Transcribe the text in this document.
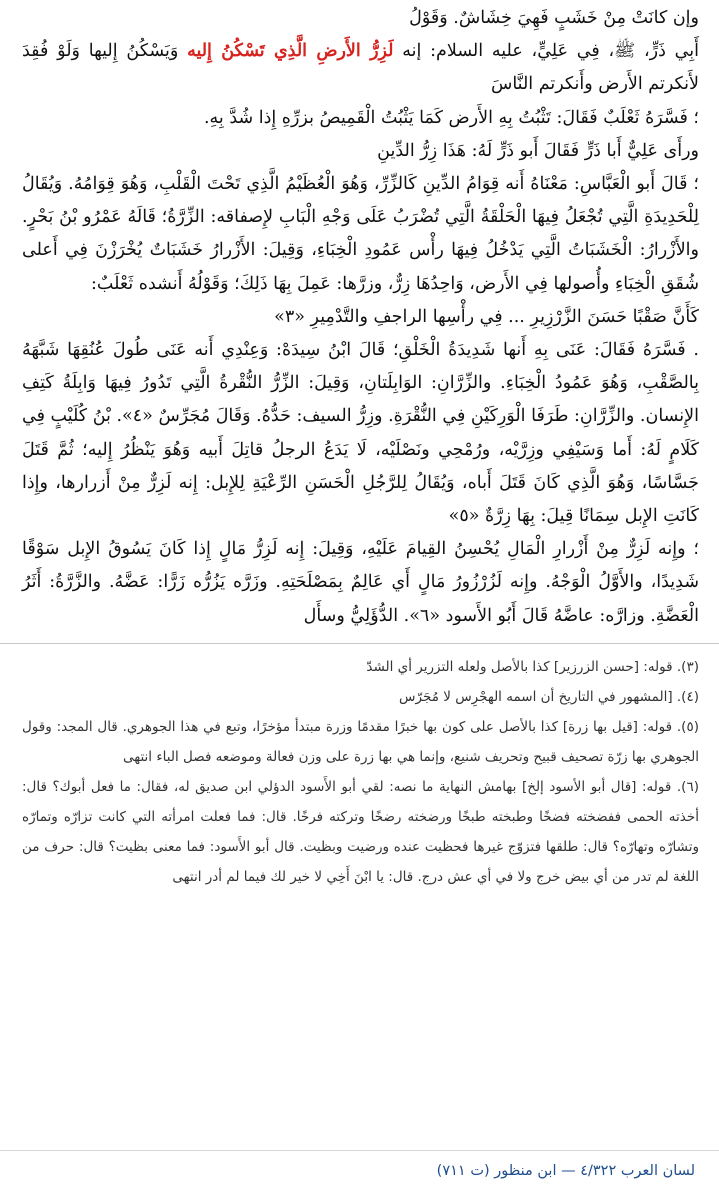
وإن كانَتْ مِنْ خَشَبٍ فَهِيَ خِشَاشٌ. وَقَوْلُ
أَبِي ذَرٍّ، ﷺ، فِي عَلِيٍّ، عليه السلام: إنه لَزِرُّ الأَرضِ الَّذِي تَسْكُنُ إِليه وَيَسْكُنُ إِليها وَلَوْ فُقِدَ لأَنكرتم الأَرض وأَنكرتم النَّاسَ

؛ فَسَّرَهُ ثَعْلَبٌ فَقَالَ: تَثْبُتُ بِهِ الأَرض كَمَا يَثْبُتُ الْقَمِيصُ بزرِّهِ إِذا شُدَّ بِهِ.

ورأَى عَلِيٌّ أَبا ذَرٍّ فَقَالَ أَبو ذَرٍّ لَهُ: هَذَا زِرُّ الدِّينِ

؛ قَالَ أَبو الْعَبَّاسِ: مَعْنَاهُ أَنه قِوَامُ الدِّينِ كَالزِّرِّ، وَهُوَ الْعُظَيْمُ الَّذِي تَحْتَ الْقَلْبِ، وَهُوَ قِوَامُهُ. وَيُقَالُ لِلْحَدِيدَةِ الَّتِي تُجْعَلُ فِيهَا الْحَلْقَةُ الَّتِي تُضْرَبُ عَلَى وَجْهِ الْبَابِ لإِصفاقه: الزِّرَّةُ؛ قَالَهُ عَمْرُو بْنُ بَحْرٍ. والأَزْرارُ: الْخَشَبَاتُ الَّتِي يَدْخُلُ فِيهَا رأْس عَمُودِ الْخِبَاءِ، وَقِيلَ: الأَزْرارُ خَشَبَاتٌ يُخْرَزْنَ فِي أَعلى شُقَقِ الْخِبَاءِ وأُصولها فِي الأَرض، وَاحِدُهَا زِرٌّ، وزرَّها: عَمِلَ بِهَا ذَلِكَ؛ وَقَوْلُهُ أَنشده ثَعْلَبٌ:

كَأَنَّ صَقْبًا حَسَنَ الزَّرْزِيرِ ... فِي رأْسِها الراجفِ والتَّدْمِيرِ «٣»

. فَسَّرَهُ فَقَالَ: عَنَى بِهِ أَنها شَدِيدَةُ الْخَلْقِ؛ قَالَ ابْنُ سِيدَهْ: وَعِنْدِي أَنه عَنَى طُولَ عُنُقِهَا شَبَّهَهُ بِالصَّقْبِ، وَهُوَ عَمُودُ الْخِبَاءِ. والزِّرَّانِ: الوَابِلَتانِ، وَقِيلَ: الزِّرُّ النُّقْرةُ الَّتِي تَدُورُ فِيهَا وَابِلَةُ كَتِفِ الإِنسان. والزِّرَّانِ: طَرَفَا الْوَرِكَيْنِ فِي النُّقْرَةِ. وزِرُّ السيف: حَدُّهُ. وَقَالَ مُجَرِّسٌ «٤». بْنُ كُلَيْبٍ فِي كَلَامٍ لَهُ: أَما وَسَيْفِي وزِرَّيْه، ورُمْحِي ونَصْلَيْه، لَا يَدَعُ الرجلُ قاتِلَ أَبيه وَهُوَ يَنْظُرُ إِليه؛ ثُمَّ قَتَلَ جَسَّاسًا، وَهُوَ الَّذِي كَانَ قَتَلَ أَباه، وَيُقَالُ لِلرَّجُلِ الْحَسَنِ الرِّعْيَةِ لِلإِبل: إِنه لَزِرٌّ مِنْ أَزرارها، وإِذا كَانَتِ الإِبل سِمَانًا قِيلَ: بِهَا زِرَّةٌ «٥»

؛ وإِنه لَزِرٌّ مِنْ أَزْرارِ الْمَالِ يُحْسِنُ القِيامَ عَلَيْهِ، وَقِيلَ: إِنه لَزِرُّ مَالٍ إِذا كَانَ يَسُوقُ الإِبل سَوْقًا شَدِيدًا، والأَوَّلُ الْوَجْهُ. وإِنه لَزُرْزُورُ مَالٍ أَي عَالِمٌ بِمَصْلَحَتِهِ. وزَرَّه يَزُرُّه زَرًّا: عَضَّهُ. والزَّرَّةُ: أَثَرُ الْعَضَّةِ. وزارَّه: عاضَّهُ قَالَ أَبُو الأَسود «٦». الدُّؤَلِيُّ وسأَل

(٣). قوله: [حسن الزرزير] كذا بالأصل ولعله التزرير أي الشدّ

(٤). [المشهور في التاريخ أن اسمه الهجْرِس لا مُجَرّس

(٥). قوله: [قيل بها زرة] كذا بالأصل على كون بها خبرًا مقدمًا وزرة مبتدأ مؤخرًا، وتبع في هذا الجوهري. قال المجد: وقول الجوهري بها زرّة تصحيف قبيح وتحريف شنيع، وإنما هي بها زرة على وزن فعالة وموضعه فصل الباء انتهى

(٦). قوله: [قال أبو الأسود إلخ] بهامش النهاية ما نصه: لقي أبو الأَسود الدؤلي ابن صديق له، فقال: ما فعل أبوك؟ قال: أخذته الحمى ففضخته فضخًا وطبخته طبخًا ورضخته رضخًا وتركته فرخًا. قال: فما فعلت امرأته التي كانت تزارّه وتمارّه وتشارّه وتهارّه؟ قال: طلقها فتزوّج غيرها فحظيت عنده ورضيت وبظيت. قال أبو الأَسود: فما معنى بظيت؟ قال: حرف من اللغة لم تدر من أي بيض خرج ولا في أي عش درج. قال: يا ابْنَ أَخِي لا خير لك فيما لم أدر انتهى

لسان العرب ٤/٣٢٢ — ابن منظور (ت ٧١١)
